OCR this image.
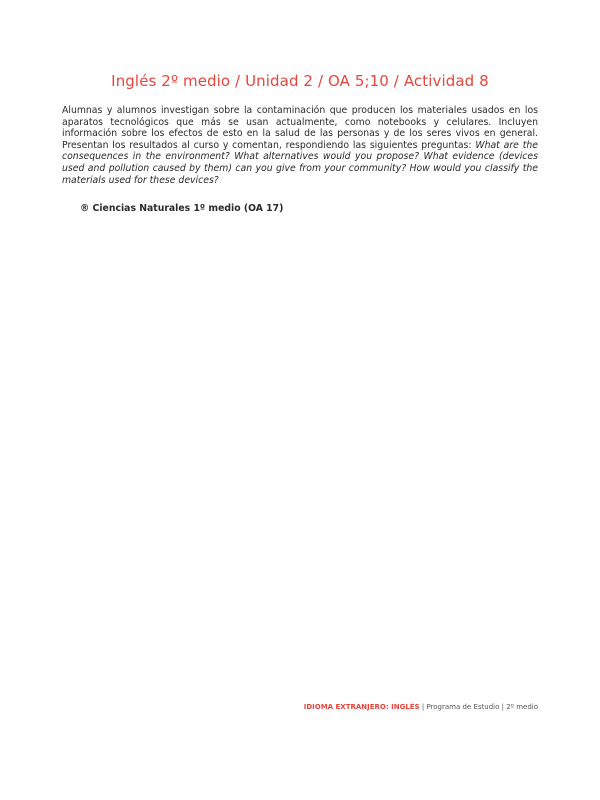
Inglés 2º medio / Unidad 2 / OA 5;10 / Actividad 8

Alumnas y alumnos investigan sobre la contaminación que producen los materiales usados en los aparatos tecnológicos que más se usan actualmente, como notebooks y celulares. Incluyen información sobre los efectos de esto en la salud de las personas y de los seres vivos en general. Presentan los resultados al curso y comentan, respondiendo las siguientes preguntas: What are the consequences in the environment? What alternatives would you propose? What evidence (devices used and pollution caused by them) can you give from your community? How would you classify the materials used for these devices?

® Ciencias Naturales 1º medio (OA 17)

IDIOMA EXTRANJERO: INGLÉS | Programa de Estudio | 2º medio
